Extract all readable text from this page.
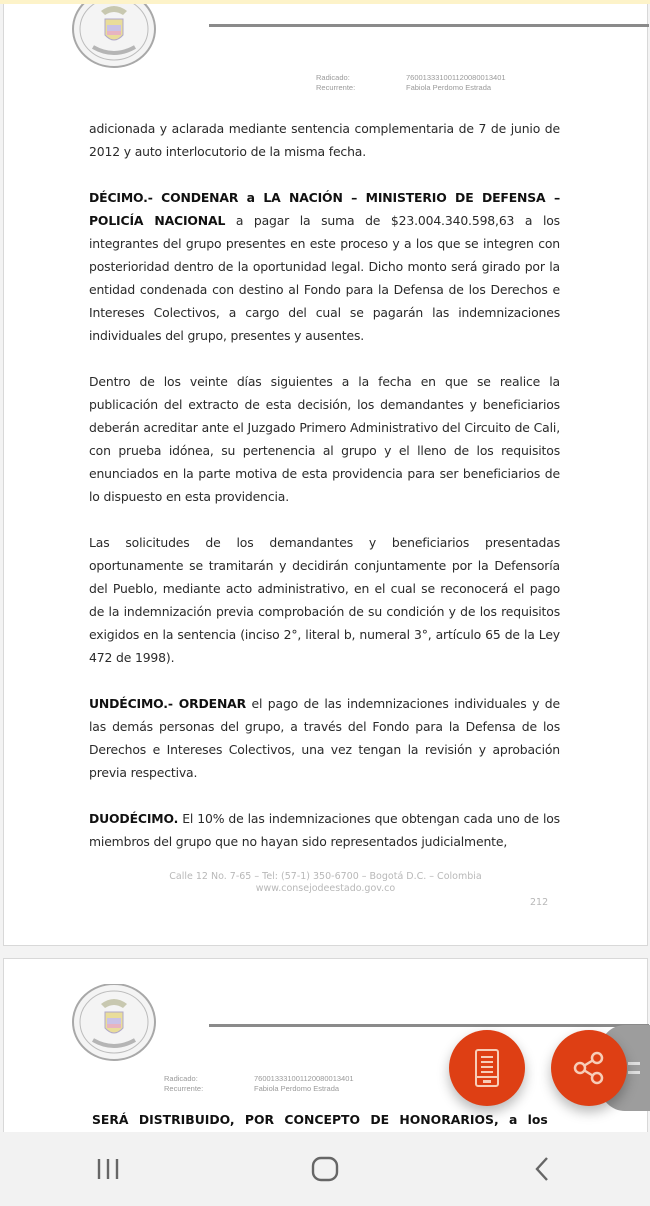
Radicado:	760013331001120080013401
Recurrente:	Fabiola Perdomo Estrada

adicionada y aclarada mediante sentencia complementaria de 7 de junio de 2012 y auto interlocutorio de la misma fecha.

DÉCIMO.- CONDENAR a LA NACIÓN – MINISTERIO DE DEFENSA – POLICÍA NACIONAL a pagar la suma de $23.004.340.598,63 a los integrantes del grupo presentes en este proceso y a los que se integren con posterioridad dentro de la oportunidad legal. Dicho monto será girado por la entidad condenada con destino al Fondo para la Defensa de los Derechos e Intereses Colectivos, a cargo del cual se pagarán las indemnizaciones individuales del grupo, presentes y ausentes.

Dentro de los veinte días siguientes a la fecha en que se realice la publicación del extracto de esta decisión, los demandantes y beneficiarios deberán acreditar ante el Juzgado Primero Administrativo del Circuito de Cali, con prueba idónea, su pertenencia al grupo y el lleno de los requisitos enunciados en la parte motiva de esta providencia para ser beneficiarios de lo dispuesto en esta providencia.

Las solicitudes de los demandantes y beneficiarios presentadas oportunamente se tramitarán y decidirán conjuntamente por la Defensoría del Pueblo, mediante acto administrativo, en el cual se reconocerá el pago de la indemnización previa comprobación de su condición y de los requisitos exigidos en la sentencia (inciso 2°, literal b, numeral 3°, artículo 65 de la Ley 472 de 1998).

UNDÉCIMO.- ORDENAR el pago de las indemnizaciones individuales y de las demás personas del grupo, a través del Fondo para la Defensa de los Derechos e Intereses Colectivos, una vez tengan la revisión y aprobación previa respectiva.

DUODÉCIMO. El 10% de las indemnizaciones que obtengan cada uno de los miembros del grupo que no hayan sido representados judicialmente,

Calle 12 No. 7-65 – Tel: (57-1) 350-6700 – Bogotá D.C. – Colombia
www.consejodeestado.gov.co
212
Radicado:	760013331001120080013401
Recurrente:	Fabiola Perdomo Estrada
SERÁ DISTRIBUIDO, POR CONCEPTO DE HONORARIOS, a los
